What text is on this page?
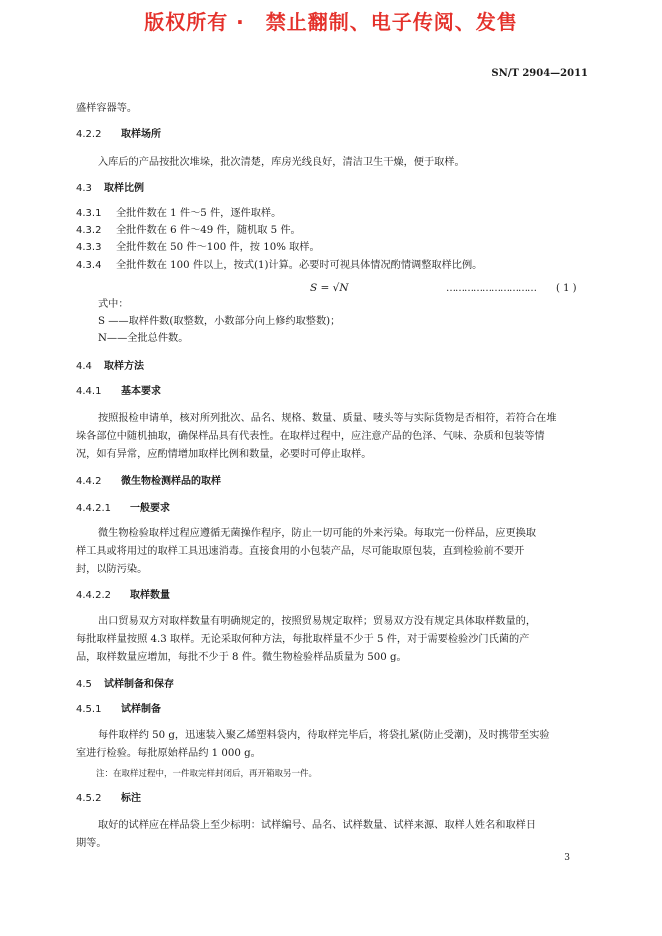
版权所有 ·　禁止翻制、电子传阅、发售
SN/T 2904—2011
盛样容器等。
4.2.2 取样场所
入库后的产品按批次堆垛，批次清楚，库房光线良好，清洁卫生干燥，便于取样。
4.3 取样比例
4.3.1 全批件数在 1 件～5 件，逐件取样。
4.3.2 全批件数在 6 件～49 件，随机取 5 件。
4.3.3 全批件数在 50 件～100 件，按 10% 取样。
4.3.4 全批件数在 100 件以上，按式(1)计算。必要时可视具体情况酌情调整取样比例。
S = √N	………………………… ( 1 )
式中：
S ——取样件数(取整数，小数部分向上修约取整数)；
N——全批总件数。
4.4 取样方法
4.4.1 基本要求
按照报检申请单，核对所列批次、品名、规格、数量、质量、唛头等与实际货物是否相符，若符合在堆
垛各部位中随机抽取，确保样品具有代表性。在取样过程中，应注意产品的色泽、气味、杂质和包装等情
况，如有异常，应酌情增加取样比例和数量，必要时可停止取样。
4.4.2 微生物检测样品的取样
4.4.2.1 一般要求
微生物检验取样过程应遵循无菌操作程序，防止一切可能的外来污染。每取完一份样品，应更换取
样工具或将用过的取样工具迅速消毒。直接食用的小包装产品，尽可能取原包装，直到检验前不要开
封，以防污染。
4.4.2.2 取样数量
出口贸易双方对取样数量有明确规定的，按照贸易规定取样；贸易双方没有规定具体取样数量的，
每批取样量按照 4.3 取样。无论采取何种方法，每批取样量不少于 5 件，对于需要检验沙门氏菌的产
品，取样数量应增加，每批不少于 8 件。微生物检验样品质量为 500 g。
4.5 试样制备和保存
4.5.1 试样制备
每件取样约 50 g，迅速装入聚乙烯塑料袋内，待取样完毕后，将袋扎紧(防止受潮)，及时携带至实验
室进行检验。每批原始样品约 1 000 g。
注：在取样过程中，一件取完样封闭后，再开箱取另一件。
4.5.2 标注
取好的试样应在样品袋上至少标明：试样编号、品名、试样数量、试样来源、取样人姓名和取样日
期等。
3
